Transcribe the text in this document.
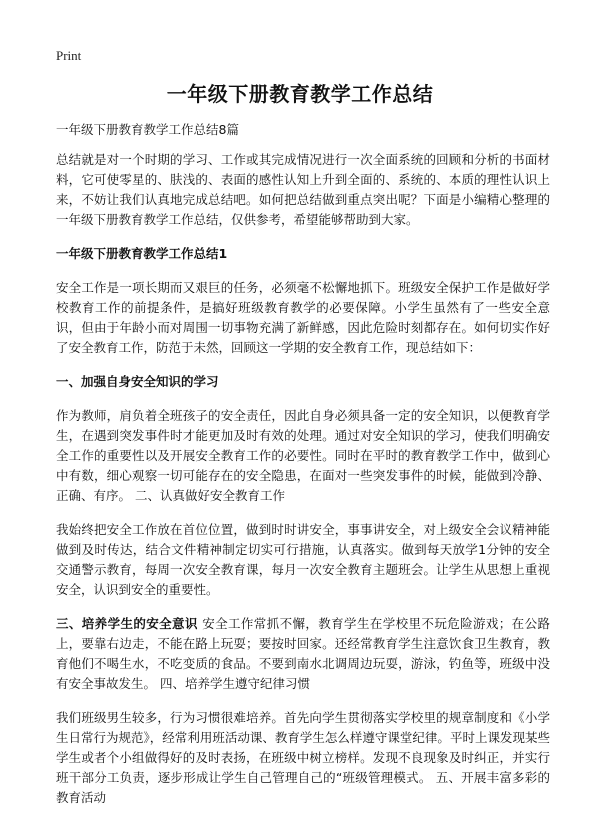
Print
一年级下册教育教学工作总结
一年级下册教育教学工作总结8篇
总结就是对一个时期的学习、工作或其完成情况进行一次全面系统的回顾和分析的书面材料，它可使零星的、肤浅的、表面的感性认知上升到全面的、系统的、本质的理性认识上来，不妨让我们认真地完成总结吧。如何把总结做到重点突出呢？下面是小编精心整理的一年级下册教育教学工作总结，仅供参考，希望能够帮助到大家。
一年级下册教育教学工作总结1
安全工作是一项长期而又艰巨的任务，必须毫不松懈地抓下。班级安全保护工作是做好学校教育工作的前提条件，是搞好班级教育教学的必要保障。小学生虽然有了一些安全意识，但由于年龄小而对周围一切事物充满了新鲜感，因此危险时刻都存在。如何切实作好了安全教育工作，防范于未然，回顾这一学期的安全教育工作，现总结如下：
一、加强自身安全知识的学习
作为教师，肩负着全班孩子的安全责任，因此自身必须具备一定的安全知识，以便教育学生，在遇到突发事件时才能更加及时有效的处理。通过对安全知识的学习，使我们明确安全工作的重要性以及开展安全教育工作的必要性。同时在平时的教育教学工作中，做到心中有数，细心观察一切可能存在的安全隐患，在面对一些突发事件的时候，能做到冷静、正确、有序。 二、认真做好安全教育工作
我始终把安全工作放在首位位置，做到时时讲安全，事事讲安全，对上级安全会议精神能做到及时传达，结合文件精神制定切实可行措施，认真落实。做到每天放学1分钟的安全交通警示教育，每周一次安全教育课，每月一次安全教育主题班会。让学生从思想上重视安全，认识到安全的重要性。
三、培养学生的安全意识 安全工作常抓不懈，教育学生在学校里不玩危险游戏；在公路上，要靠右边走，不能在路上玩耍；要按时回家。还经常教育学生注意饮食卫生教育，教育他们不喝生水，不吃变质的食品。不要到南水北调周边玩耍，游泳，钓鱼等，班级中没有安全事故发生。 四、培养学生遵守纪律习惯
我们班级男生较多，行为习惯很难培养。首先向学生贯彻落实学校里的规章制度和《小学生日常行为规范》，经常利用班活动课、教育学生怎么样遵守课堂纪律。平时上课发现某些学生或者个小组做得好的及时表扬，在班级中树立榜样。发现不良现象及时纠正，并实行班干部分工负责，逐步形成让学生自己管理自己的“班级管理模式。 五、开展丰富多彩的教育活动
